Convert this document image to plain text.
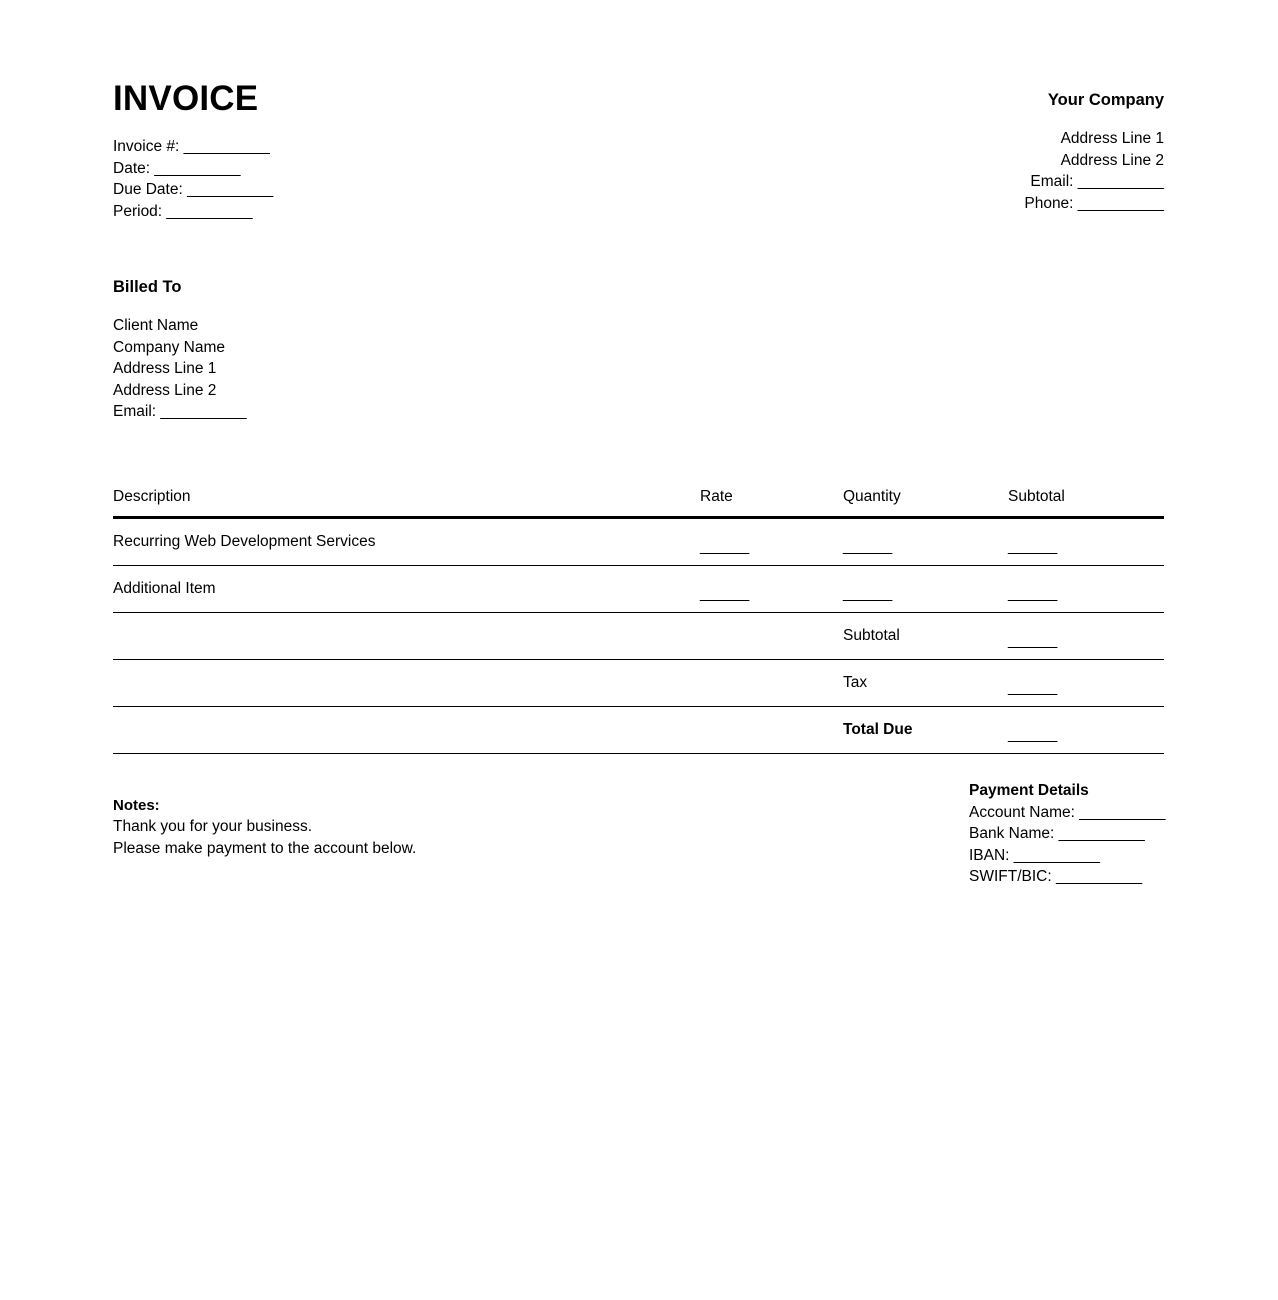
INVOICE
Invoice #: __________
Date: __________
Due Date: __________
Period: __________
Your Company
Address Line 1
Address Line 2
Email: __________
Phone: __________
Billed To
Client Name
Company Name
Address Line 1
Address Line 2
Email: __________
Description	Rate	Quantity	Subtotal
Recurring Web Development Services	______	______	______
Additional Item	______	______	______
		Subtotal	______
		Tax	______
		Total Due	______
Notes:
Thank you for your business.
Please make payment to the account below.
Payment Details
Account Name: __________
Bank Name: __________
IBAN: __________
SWIFT/BIC: __________
